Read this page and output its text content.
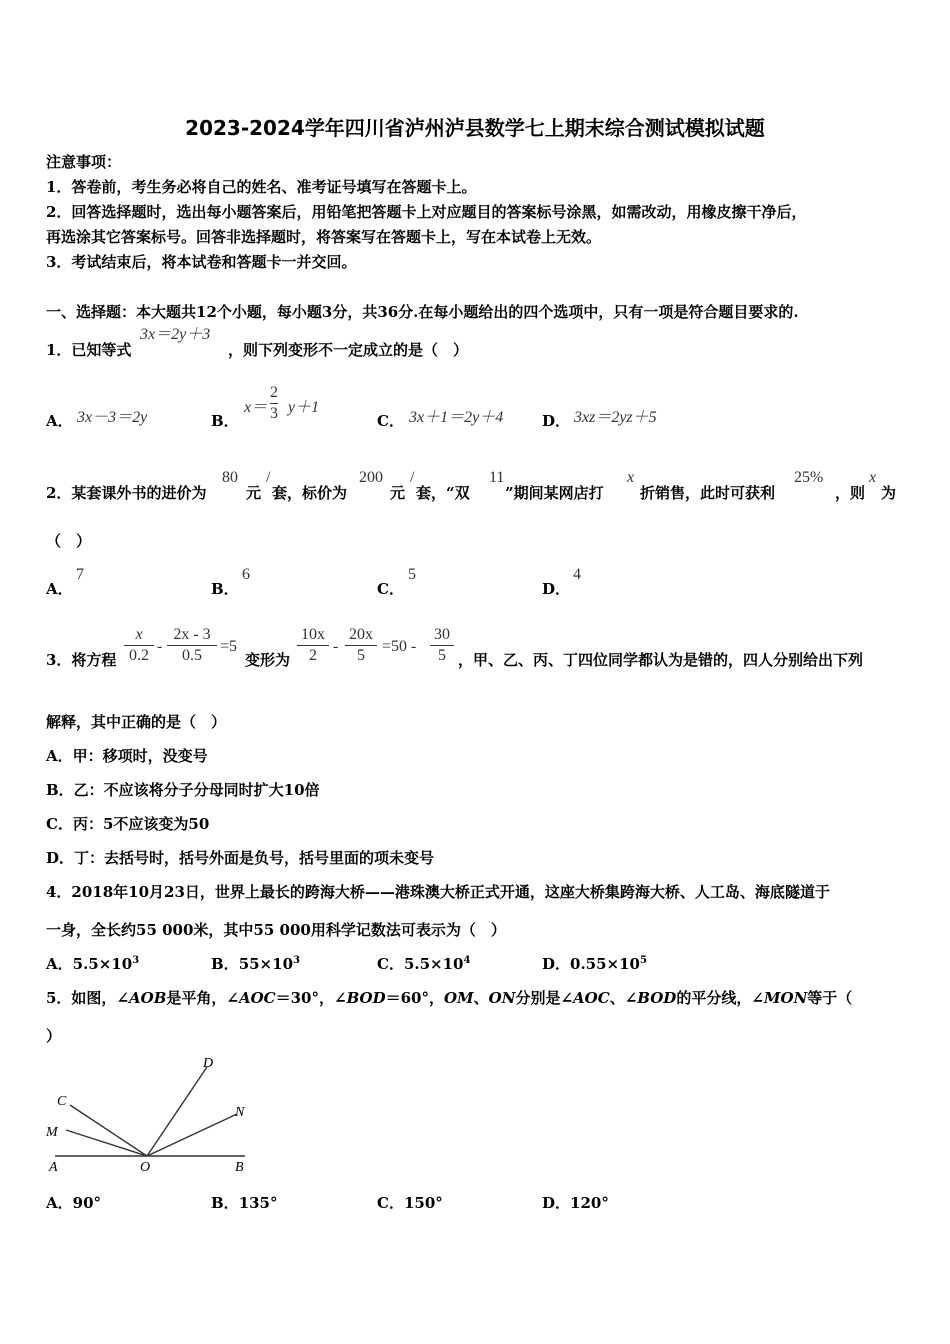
2023-2024学年四川省泸州泸县数学七上期末综合测试模拟试题
注意事项：
1．答卷前，考生务必将自己的姓名、准考证号填写在答题卡上。
2．回答选择题时，选出每小题答案后，用铅笔把答题卡上对应题目的答案标号涂黑，如需改动，用橡皮擦干净后，
再选涂其它答案标号。回答非选择题时，将答案写在答题卡上，写在本试卷上无效。
3．考试结束后，将本试卷和答题卡一并交回。
一、选择题：本大题共12个小题，每小题3分，共36分.在每小题给出的四个选项中，只有一项是符合题目要求的.
1．已知等式
3x＝2y＋3
，则下列变形不一定成立的是（　）
A． 3x－3＝2y	B．
$x= \frac{2}{3} y+1$
C． 3x＋1＝2y＋4	D． 3xz＝2yz＋5
2．某套课外书的进价为
80
元
/
套，标价为
200
元
/
套，“双
11
”期间某网店打
x
折销售，此时可获利
25%
，则
x
为
（　）
A．
7
B．
6
C．
5
D．
4
3．将方程 $\frac{x}{0.2} - \frac{2x - 3}{0.5} =5$
变形为 $\frac{10x}{2} - \frac{20x}{5} =50 - \frac{30}{5}$ ，甲、乙、丙、丁四位同学都认为是错的，四人分别给出下列
解释，其中正确的是（　）
A．甲：移项时，没变号
B．乙：不应该将分子分母同时扩大10倍
C．丙：5不应该变为50
D．丁：去括号时，括号外面是负号，括号里面的项未变号
4．2018年10月23日，世界上最长的跨海大桥——港珠澳大桥正式开通，这座大桥集跨海大桥、人工岛、海底隧道于
一身，全长约55 000米，其中55 000用科学记数法可表示为（　）
A．$5.5\times 10^3$	B．$55\times 10^3$	C．$5.5\times 10^4$	D．$0.55\times 10^5$
5．如图，∠AOB是平角，∠AOC＝30°，∠BOD＝60°，OM、ON分别是∠AOC、∠BOD的平分线，∠MON等于（
）
A	O	B
C
M
D
N
A．90°	B．135°	C．150°	D．120°
